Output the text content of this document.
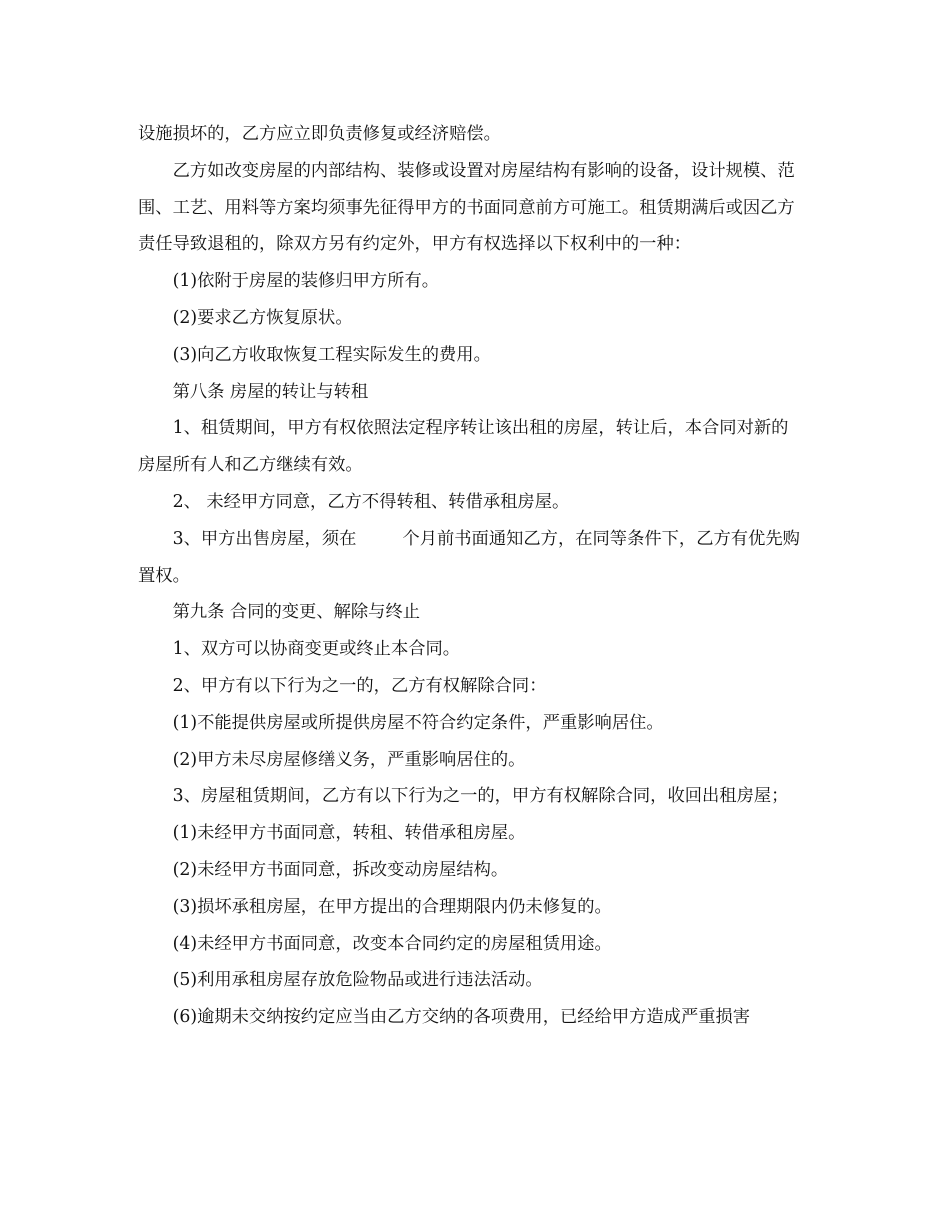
设施损坏的，乙方应立即负责修复或经济赔偿。

乙方如改变房屋的内部结构、装修或设置对房屋结构有影响的设备，设计规模、范围、工艺、用料等方案均须事先征得甲方的书面同意前方可施工。租赁期满后或因乙方责任导致退租的，除双方另有约定外，甲方有权选择以下权利中的一种：

(1)依附于房屋的装修归甲方所有。

(2)要求乙方恢复原状。

(3)向乙方收取恢复工程实际发生的费用。

第八条 房屋的转让与转租

1、租赁期间，甲方有权依照法定程序转让该出租的房屋，转让后，本合同对新的房屋所有人和乙方继续有效。

2、 未经甲方同意，乙方不得转租、转借承租房屋。

3、甲方出售房屋，须在	个月前书面通知乙方，在同等条件下，乙方有优先购置权。

第九条 合同的变更、解除与终止

1、双方可以协商变更或终止本合同。

2、甲方有以下行为之一的，乙方有权解除合同：

(1)不能提供房屋或所提供房屋不符合约定条件，严重影响居住。

(2)甲方未尽房屋修缮义务，严重影响居住的。

3、房屋租赁期间，乙方有以下行为之一的，甲方有权解除合同，收回出租房屋；

(1)未经甲方书面同意，转租、转借承租房屋。

(2)未经甲方书面同意，拆改变动房屋结构。

(3)损坏承租房屋，在甲方提出的合理期限内仍未修复的。

(4)未经甲方书面同意，改变本合同约定的房屋租赁用途。

(5)利用承租房屋存放危险物品或进行违法活动。

(6)逾期未交纳按约定应当由乙方交纳的各项费用，已经给甲方造成严重损害
